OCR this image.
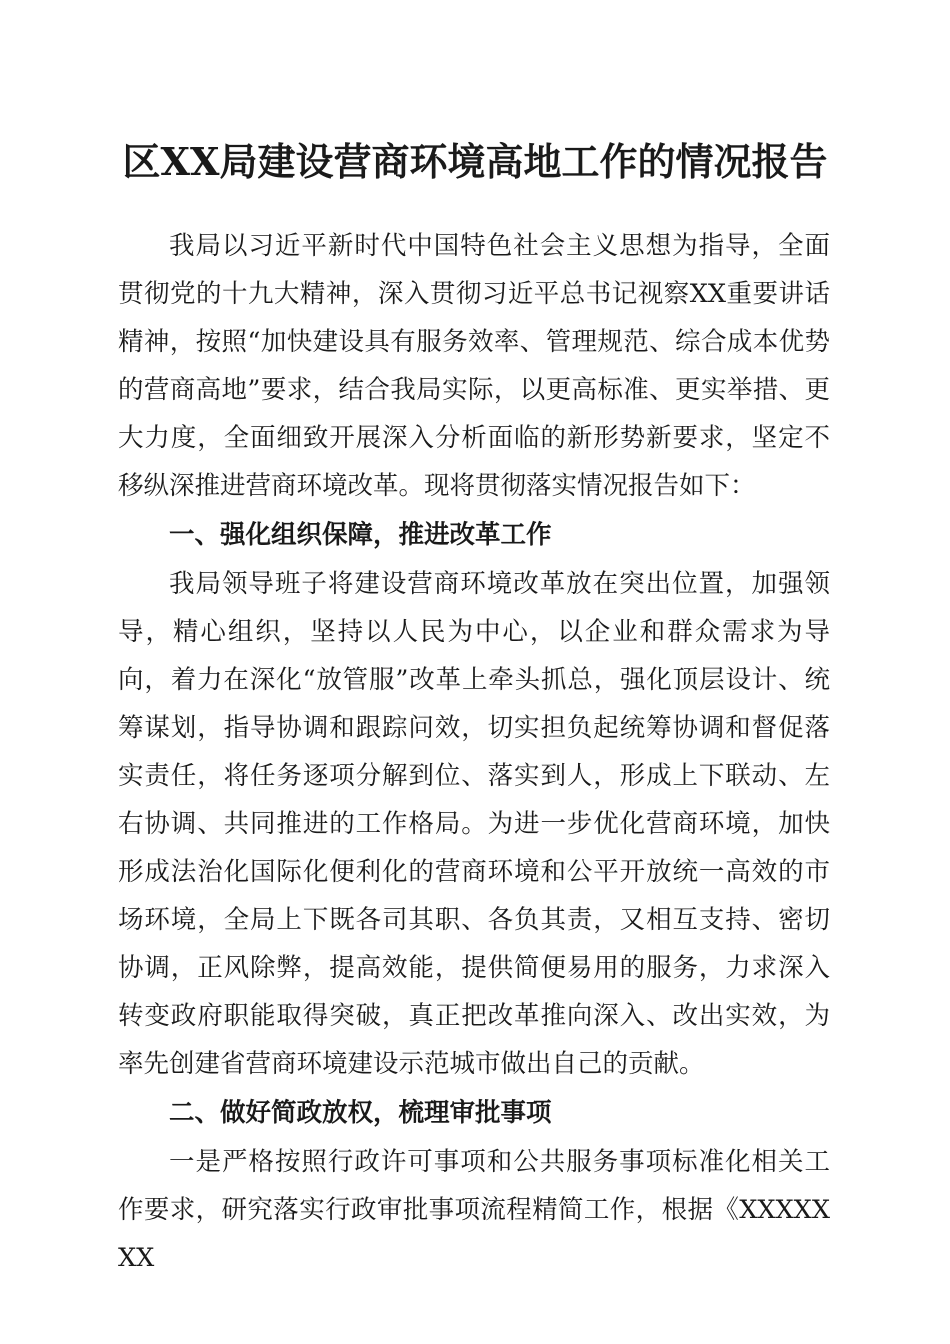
区XX局建设营商环境高地工作的情况报告

我局以习近平新时代中国特色社会主义思想为指导，全面贯彻党的十九大精神，深入贯彻习近平总书记视察XX重要讲话精神，按照“加快建设具有服务效率、管理规范、综合成本优势的营商高地”要求，结合我局实际，以更高标准、更实举措、更大力度，全面细致开展深入分析面临的新形势新要求，坚定不移纵深推进营商环境改革。现将贯彻落实情况报告如下：

一、强化组织保障，推进改革工作

我局领导班子将建设营商环境改革放在突出位置，加强领导，精心组织，坚持以人民为中心，以企业和群众需求为导向，着力在深化“放管服”改革上牵头抓总，强化顶层设计、统筹谋划，指导协调和跟踪问效，切实担负起统筹协调和督促落实责任，将任务逐项分解到位、落实到人，形成上下联动、左右协调、共同推进的工作格局。为进一步优化营商环境，加快形成法治化国际化便利化的营商环境和公平开放统一高效的市场环境，全局上下既各司其职、各负其责，又相互支持、密切协调，正风除弊，提高效能，提供简便易用的服务，力求深入转变政府职能取得突破，真正把改革推向深入、改出实效，为率先创建省营商环境建设示范城市做出自己的贡献。

二、做好简政放权，梳理审批事项

一是严格按照行政许可事项和公共服务事项标准化相关工作要求，研究落实行政审批事项流程精简工作，根据《XXXXXXX
